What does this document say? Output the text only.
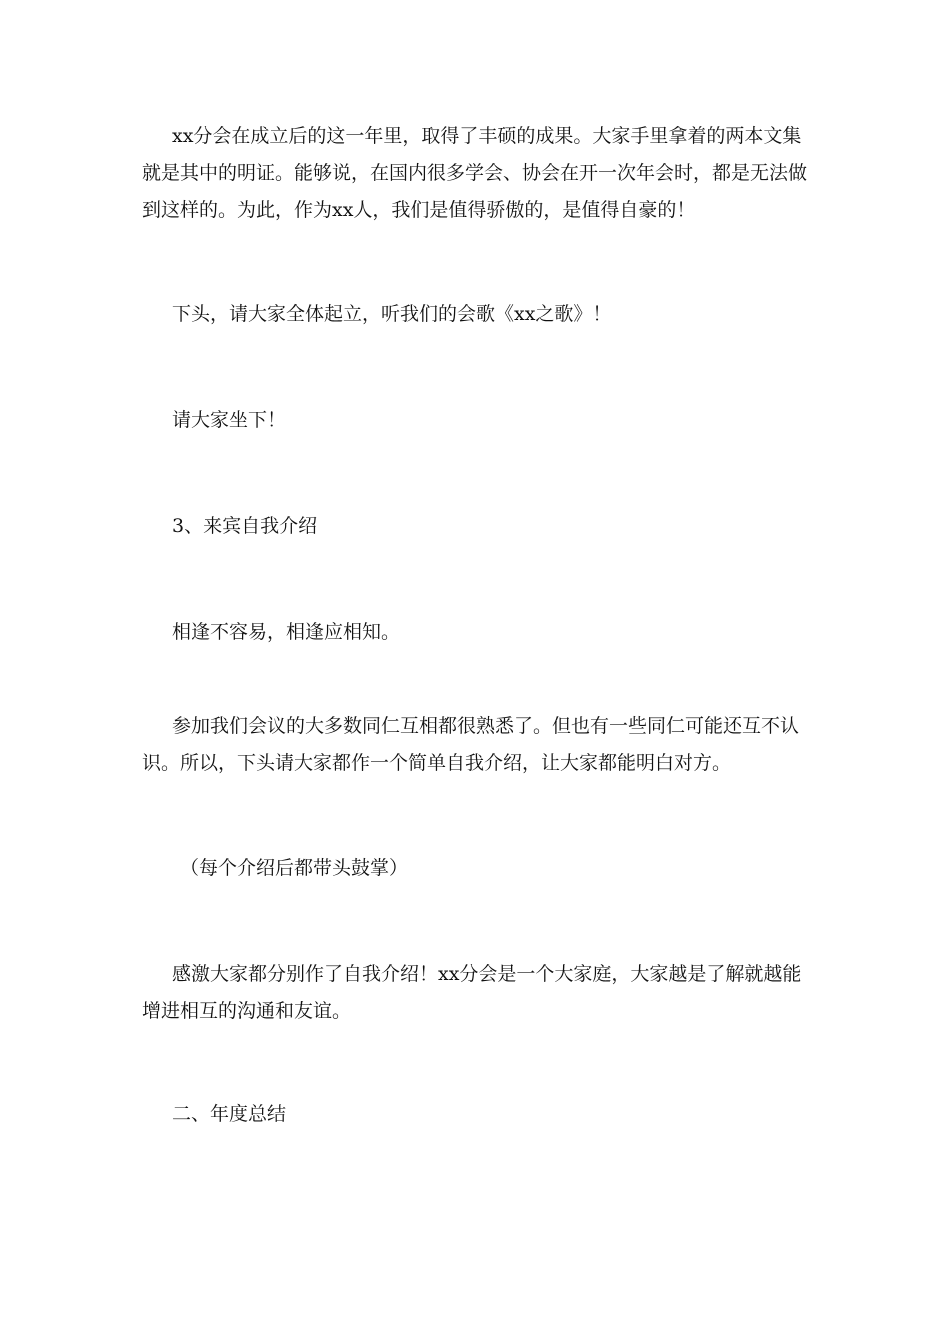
xx分会在成立后的这一年里，取得了丰硕的成果。大家手里拿着的两本文集就是其中的明证。能够说，在国内很多学会、协会在开一次年会时，都是无法做到这样的。为此，作为xx人，我们是值得骄傲的，是值得自豪的！

下头，请大家全体起立，听我们的会歌《xx之歌》！

请大家坐下！

3、来宾自我介绍

相逢不容易，相逢应相知。

参加我们会议的大多数同仁互相都很熟悉了。但也有一些同仁可能还互不认识。所以，下头请大家都作一个简单自我介绍，让大家都能明白对方。

（每个介绍后都带头鼓掌）

感激大家都分别作了自我介绍！xx分会是一个大家庭，大家越是了解就越能增进相互的沟通和友谊。

二、年度总结
